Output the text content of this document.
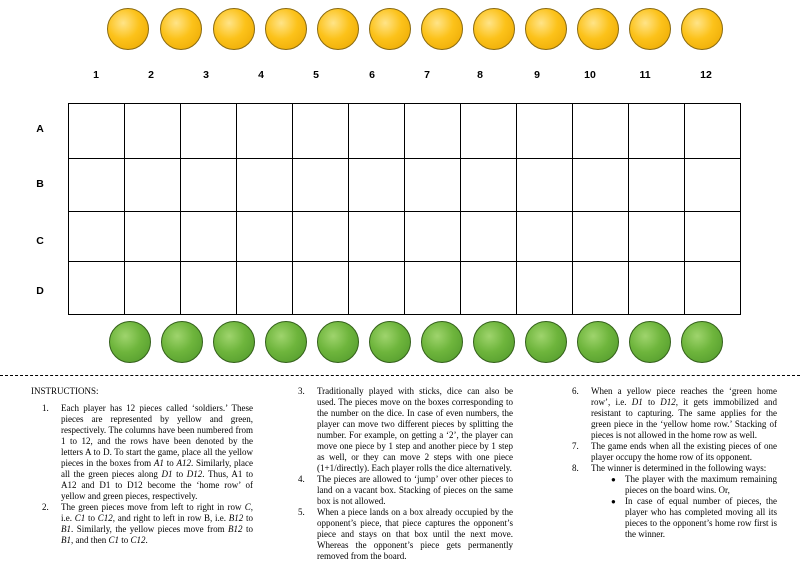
1	2	3	4	5	6	7	8	9	10	11	12
A
B
C
D

INSTRUCTIONS:
1. Each player has 12 pieces called ‘soldiers.’ These pieces are represented by yellow and green, respectively. The columns have been numbered from 1 to 12, and the rows have been denoted by the letters A to D. To start the game, place all the yellow pieces in the boxes from A1 to A12. Similarly, place all the green pieces along D1 to D12. Thus, A1 to A12 and D1 to D12 become the ‘home row’ of yellow and green pieces, respectively.
2. The green pieces move from left to right in row C, i.e. C1 to C12, and right to left in row B, i.e. B12 to B1. Similarly, the yellow pieces move from B12 to B1, and then C1 to C12.
3. Traditionally played with sticks, dice can also be used. The pieces move on the boxes corresponding to the number on the dice. In case of even numbers, the player can move two different pieces by splitting the number. For example, on getting a ‘2’, the player can move one piece by 1 step and another piece by 1 step as well, or they can move 2 steps with one piece (1+1/directly). Each player rolls the dice alternatively.
4. The pieces are allowed to ‘jump’ over other pieces to land on a vacant box. Stacking of pieces on the same box is not allowed.
5. When a piece lands on a box already occupied by the opponent’s piece, that piece captures the opponent’s piece and stays on that box until the next move. Whereas the opponent’s piece gets permanently removed from the board.
6. When a yellow piece reaches the ‘green home row’, i.e. D1 to D12, it gets immobilized and resistant to capturing. The same applies for the green piece in the ‘yellow home row.’ Stacking of pieces is not allowed in the home row as well.
7. The game ends when all the existing pieces of one player occupy the home row of its opponent.
8. The winner is determined in the following ways:
● The player with the maximum remaining pieces on the board wins. Or,
● In case of equal number of pieces, the player who has completed moving all its pieces to the opponent’s home row first is the winner.
